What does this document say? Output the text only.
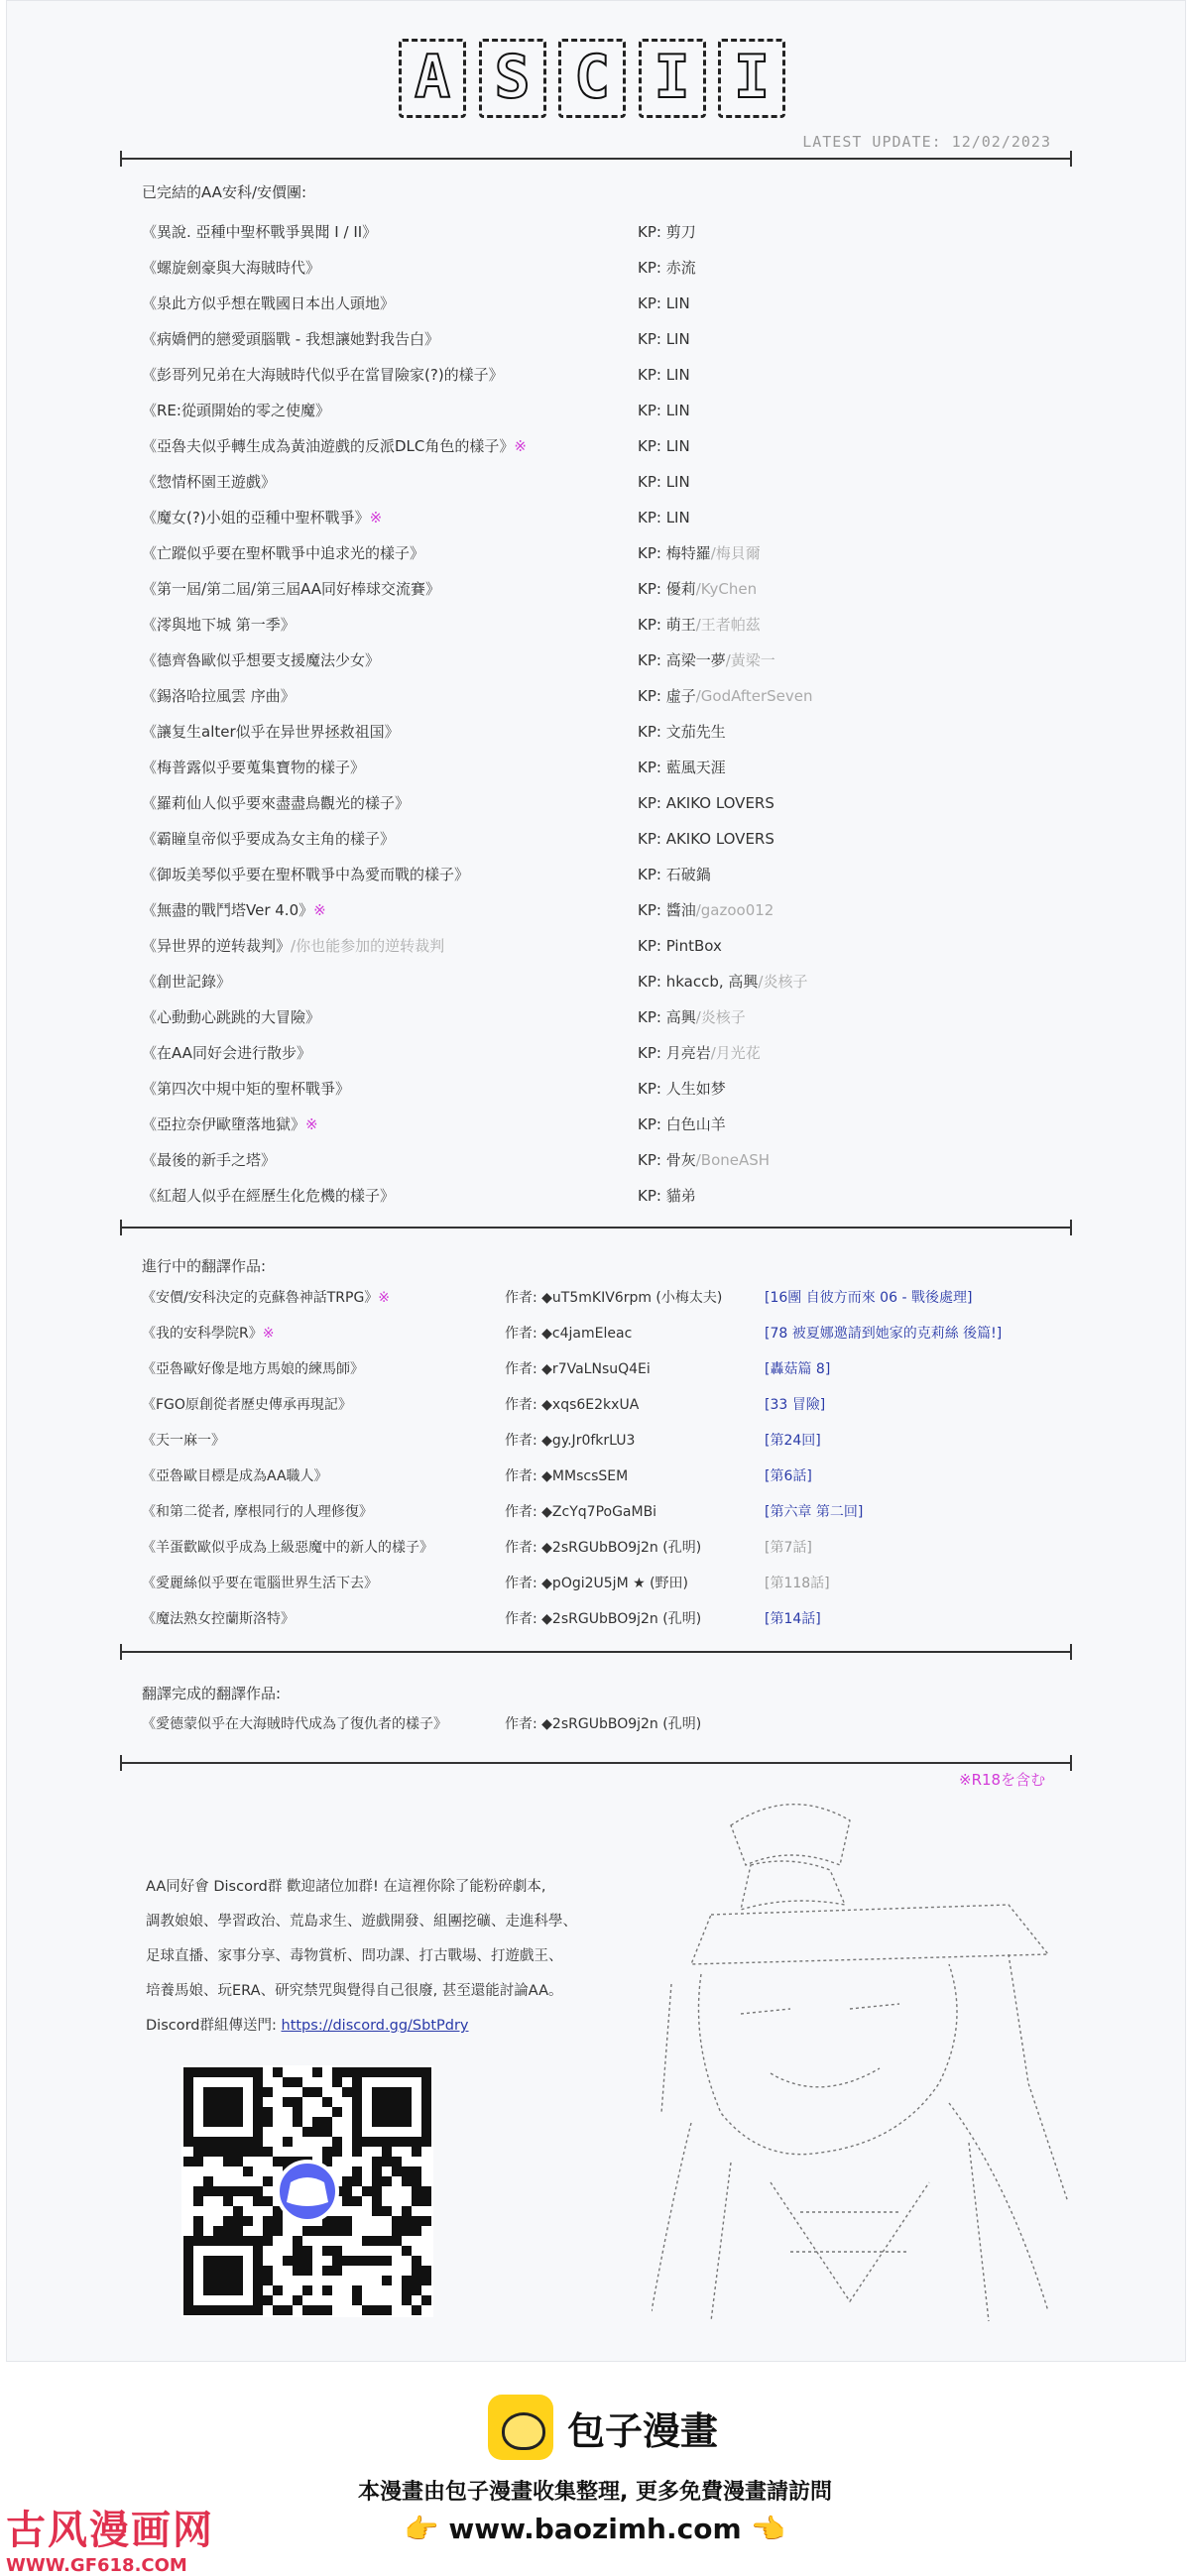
A S C I I
LATEST UPDATE: 12/02/2023
已完結的AA安科/安價團:
《異說. 亞種中聖杯戰爭異聞 I / II》	KP: 剪刀
《螺旋劍豪與大海賊時代》	KP: 赤流
《泉此方似乎想在戰國日本出人頭地》	KP: LIN
《病嬌們的戀愛頭腦戰 - 我想讓她對我告白》	KP: LIN
《彭哥列兄弟在大海賊時代似乎在當冒險家(?)的樣子》	KP: LIN
《RE:從頭開始的零之使魔》	KP: LIN
《亞魯夫似乎轉生成為黃油遊戲的反派DLC角色的樣子》※	KP: LIN
《惣情杯園王遊戲》	KP: LIN
《魔女(?)小姐的亞種中聖杯戰爭》※	KP: LIN
《亡蹤似乎要在聖杯戰爭中追求光的樣子》	KP: 梅特羅/梅貝爾
《第一屆/第二屆/第三屆AA同好棒球交流賽》	KP: 優莉/KyChen
《澪與地下城 第一季》	KP: 萌王/王者帕茲
《德齊魯歐似乎想要支援魔法少女》	KP: 高梁一夢/黃梁一
《錫洛哈拉風雲 序曲》	KP: 虛子/GodAfterSeven
《讓复生alter似乎在异世界拯救祖国》	KP: 文茄先生
《梅普露似乎要蒐集寶物的樣子》	KP: 藍風天涯
《羅莉仙人似乎要來盡盡鳥觀光的樣子》	KP: AKIKO LOVERS
《霸瞳皇帝似乎要成為女主角的樣子》	KP: AKIKO LOVERS
《御坂美琴似乎要在聖杯戰爭中為愛而戰的樣子》	KP: 石破鍋
《無盡的戰鬥塔Ver 4.0》※	KP: 醬油/gazoo012
《异世界的逆转裁判》/你也能参加的逆转裁判	KP: PintBox
《創世記錄》	KP: hkaccb, 高興/炎核子
《心動動心跳跳的大冒險》	KP: 高興/炎核子
《在AA同好会进行散步》	KP: 月亮岩/月光花
《第四次中規中矩的聖杯戰爭》	KP: 人生如梦
《亞拉奈伊歐墮落地獄》※	KP: 白色山羊
《最後的新手之塔》	KP: 骨灰/BoneASH
《紅超人似乎在經歷生化危機的樣子》	KP: 貓弟
進行中的翻譯作品:
《安價/安科決定的克蘇魯神話TRPG》※	作者: ◆uT5mKIV6rpm (小梅太夫)	[16團 自彼方而來 06 - 戰後處理]
《我的安科學院R》※	作者: ◆c4jamEleac	[78 被夏娜邀請到她家的克莉絲 後篇!]
《亞魯歐好像是地方馬娘的練馬師》	作者: ◆r7VaLNsuQ4Ei	[轟菇篇 8]
《FGO原創從者歷史傳承再現記》	作者: ◆xqs6E2kxUA	[33 冒險]
《天一麻一》	作者: ◆gy.Jr0fkrLU3	[第24回]
《亞魯歐目標是成為AA職人》	作者: ◆MMscsSEM	[第6話]
《和第二從者, 摩根同行的人理修復》	作者: ◆ZcYq7PoGaMBi	[第六章 第二回]
《羊蛋歡歐似乎成為上級惡魔中的新人的樣子》	作者: ◆2sRGUbBO9j2n (孔明)	[第7話]
《愛麗絲似乎要在電腦世界生活下去》	作者: ◆pOgi2U5jM ★ (野田)	[第118話]
《魔法熟女控蘭斯洛特》	作者: ◆2sRGUbBO9j2n (孔明)	[第14話]
翻譯完成的翻譯作品:
《愛德蒙似乎在大海賊時代成為了復仇者的樣子》	作者: ◆2sRGUbBO9j2n (孔明)
※R18を含む
AA同好會 Discord群 歡迎諸位加群! 在這裡你除了能粉碎劇本,
調教娘娘、學習政治、荒島求生、遊戲開發、組團挖礦、走進科學、
足球直播、家事分享、毒物賞析、問功課、打古戰場、打遊戲王、
培養馬娘、玩ERA、研究禁咒與覺得自己很廢, 甚至還能討論AA。
Discord群組傳送門: https://discord.gg/SbtPdry
包子漫畫
本漫畫由包子漫畫收集整理, 更多免費漫畫請訪問
👉 www.baozimh.com 👈
古风漫画网
WWW.GF618.COM
